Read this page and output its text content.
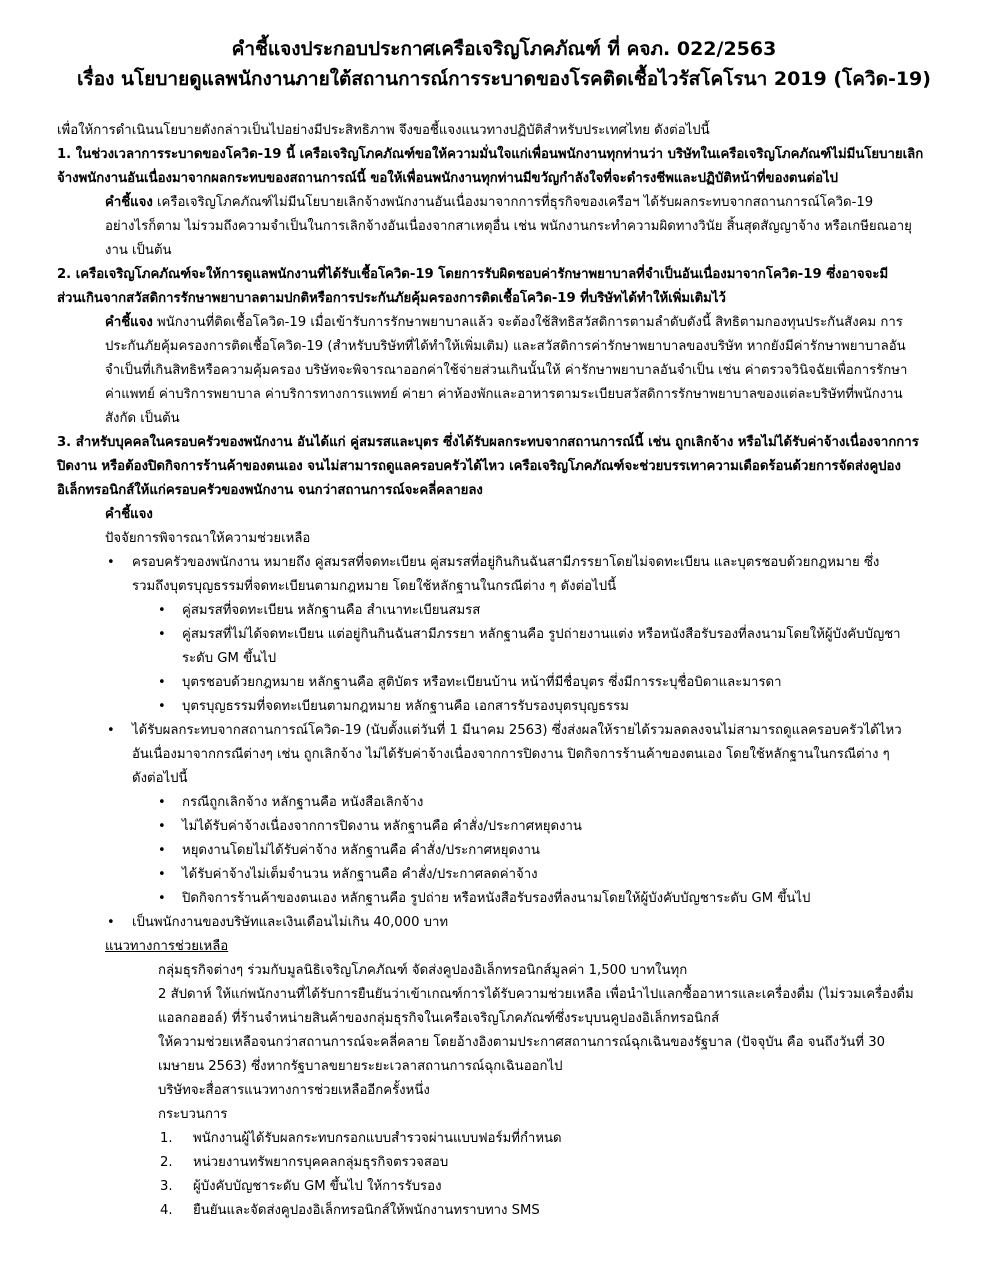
คำชี้แจงประกอบประกาศเครือเจริญโภคภัณฑ์ ที่ คจภ. 022/2563
เรื่อง นโยบายดูแลพนักงานภายใต้สถานการณ์การระบาดของโรคติดเชื้อไวรัสโคโรนา 2019 (โควิด-19)
เพื่อให้การดำเนินนโยบายดังกล่าวเป็นไปอย่างมีประสิทธิภาพ จึงขอชี้แจงแนวทางปฏิบัติสำหรับประเทศไทย ดังต่อไปนี้
1. ในช่วงเวลาการระบาดของโควิด-19 นี้ เครือเจริญโภคภัณฑ์ขอให้ความมั่นใจแก่เพื่อนพนักงานทุกท่านว่า บริษัทในเครือเจริญโภคภัณฑ์ไม่มีนโยบายเลิก
จ้างพนักงานอันเนื่องมาจากผลกระทบของสถานการณ์นี้ ขอให้เพื่อนพนักงานทุกท่านมีขวัญกำลังใจที่จะดำรงชีพและปฏิบัติหน้าที่ของตนต่อไป
คำชี้แจง เครือเจริญโภคภัณฑ์ไม่มีนโยบายเลิกจ้างพนักงานอันเนื่องมาจากการที่ธุรกิจของเครือฯ ได้รับผลกระทบจากสถานการณ์โควิด-19
อย่างไรก็ตาม ไม่รวมถึงความจำเป็นในการเลิกจ้างอันเนื่องจากสาเหตุอื่น เช่น พนักงานกระทำความผิดทางวินัย สิ้นสุดสัญญาจ้าง หรือเกษียณอายุ
งาน เป็นต้น
2. เครือเจริญโภคภัณฑ์จะให้การดูแลพนักงานที่ได้รับเชื้อโควิด-19 โดยการรับผิดชอบค่ารักษาพยาบาลที่จำเป็นอันเนื่องมาจากโควิด-19 ซึ่งอาจจะมี
ส่วนเกินจากสวัสดิการรักษาพยาบาลตามปกติหรือการประกันภัยคุ้มครองการติดเชื้อโควิด-19 ที่บริษัทได้ทำให้เพิ่มเติมไว้
คำชี้แจง พนักงานที่ติดเชื้อโควิด-19 เมื่อเข้ารับการรักษาพยาบาลแล้ว จะต้องใช้สิทธิสวัสดิการตามลำดับดังนี้ สิทธิตามกองทุนประกันสังคม การ
ประกันภัยคุ้มครองการติดเชื้อโควิด-19 (สำหรับบริษัทที่ได้ทำให้เพิ่มเติม) และสวัสดิการค่ารักษาพยาบาลของบริษัท หากยังมีค่ารักษาพยาบาลอัน
จำเป็นที่เกินสิทธิหรือความคุ้มครอง บริษัทจะพิจารณาออกค่าใช้จ่ายส่วนเกินนั้นให้ ค่ารักษาพยาบาลอันจำเป็น เช่น ค่าตรวจวินิจฉัยเพื่อการรักษา
ค่าแพทย์ ค่าบริการพยาบาล ค่าบริการทางการแพทย์ ค่ายา ค่าห้องพักและอาหารตามระเบียบสวัสดิการรักษาพยาบาลของแต่ละบริษัทที่พนักงาน
สังกัด เป็นต้น
3. สำหรับบุคคลในครอบครัวของพนักงาน อันได้แก่ คู่สมรสและบุตร ซึ่งได้รับผลกระทบจากสถานการณ์นี้ เช่น ถูกเลิกจ้าง หรือไม่ได้รับค่าจ้างเนื่องจากการ
ปิดงาน หรือต้องปิดกิจการร้านค้าของตนเอง จนไม่สามารถดูแลครอบครัวได้ไหว เครือเจริญโภคภัณฑ์จะช่วยบรรเทาความเดือดร้อนด้วยการจัดส่งคูปอง
อิเล็กทรอนิกส์ให้แก่ครอบครัวของพนักงาน จนกว่าสถานการณ์จะคลี่คลายลง
คำชี้แจง
ปัจจัยการพิจารณาให้ความช่วยเหลือ
• ครอบครัวของพนักงาน หมายถึง คู่สมรสที่จดทะเบียน คู่สมรสที่อยู่กินกินฉันสามีภรรยาโดยไม่จดทะเบียน และบุตรชอบด้วยกฎหมาย ซึ่ง
รวมถึงบุตรบุญธรรมที่จดทะเบียนตามกฎหมาย โดยใช้หลักฐานในกรณีต่าง ๆ ดังต่อไปนี้
• คู่สมรสที่จดทะเบียน หลักฐานคือ สำเนาทะเบียนสมรส
• คู่สมรสที่ไม่ได้จดทะเบียน แต่อยู่กินกินฉันสามีภรรยา หลักฐานคือ รูปถ่ายงานแต่ง หรือหนังสือรับรองที่ลงนามโดยให้ผู้บังคับบัญชา
ระดับ GM ขึ้นไป
• บุตรชอบด้วยกฎหมาย หลักฐานคือ สูติบัตร หรือทะเบียนบ้าน หน้าที่มีชื่อบุตร ซึ่งมีการระบุชื่อบิดาและมารดา
• บุตรบุญธรรมที่จดทะเบียนตามกฎหมาย หลักฐานคือ เอกสารรับรองบุตรบุญธรรม
• ได้รับผลกระทบจากสถานการณ์โควิด-19 (นับตั้งแต่วันที่ 1 มีนาคม 2563) ซึ่งส่งผลให้รายได้รวมลดลงจนไม่สามารถดูแลครอบครัวได้ไหว
อันเนื่องมาจากกรณีต่างๆ เช่น ถูกเลิกจ้าง ไม่ได้รับค่าจ้างเนื่องจากการปิดงาน ปิดกิจการร้านค้าของตนเอง โดยใช้หลักฐานในกรณีต่าง ๆ
ดังต่อไปนี้
• กรณีถูกเลิกจ้าง หลักฐานคือ หนังสือเลิกจ้าง
• ไม่ได้รับค่าจ้างเนื่องจากการปิดงาน หลักฐานคือ คำสั่ง/ประกาศหยุดงาน
• หยุดงานโดยไม่ได้รับค่าจ้าง หลักฐานคือ คำสั่ง/ประกาศหยุดงาน
• ได้รับค่าจ้างไม่เต็มจำนวน หลักฐานคือ คำสั่ง/ประกาศลดค่าจ้าง
• ปิดกิจการร้านค้าของตนเอง หลักฐานคือ รูปถ่าย หรือหนังสือรับรองที่ลงนามโดยให้ผู้บังคับบัญชาระดับ GM ขึ้นไป
• เป็นพนักงานของบริษัทและเงินเดือนไม่เกิน 40,000 บาท
แนวทางการช่วยเหลือ
กลุ่มธุรกิจต่างๆ ร่วมกับมูลนิธิเจริญโภคภัณฑ์ จัดส่งคูปองอิเล็กทรอนิกส์มูลค่า 1,500 บาทในทุก
2 สัปดาห์ ให้แก่พนักงานที่ได้รับการยืนยันว่าเข้าเกณฑ์การได้รับความช่วยเหลือ เพื่อนำไปแลกซื้ออาหารและเครื่องดื่ม (ไม่รวมเครื่องดื่ม
แอลกอฮอล์) ที่ร้านจำหน่ายสินค้าของกลุ่มธุรกิจในเครือเจริญโภคภัณฑ์ซึ่งระบุบนคูปองอิเล็กทรอนิกส์
ให้ความช่วยเหลือจนกว่าสถานการณ์จะคลี่คลาย โดยอ้างอิงตามประกาศสถานการณ์ฉุกเฉินของรัฐบาล (ปัจจุบัน คือ จนถึงวันที่ 30
เมษายน 2563) ซึ่งหากรัฐบาลขยายระยะเวลาสถานการณ์ฉุกเฉินออกไป
บริษัทจะสื่อสารแนวทางการช่วยเหลืออีกครั้งหนึ่ง
กระบวนการ
1. พนักงานผู้ได้รับผลกระทบกรอกแบบสำรวจผ่านแบบฟอร์มที่กำหนด
2. หน่วยงานทรัพยากรบุคคลกลุ่มธุรกิจตรวจสอบ
3. ผู้บังคับบัญชาระดับ GM ขึ้นไป ให้การรับรอง
4. ยืนยันและจัดส่งคูปองอิเล็กทรอนิกส์ให้พนักงานทราบทาง SMS
